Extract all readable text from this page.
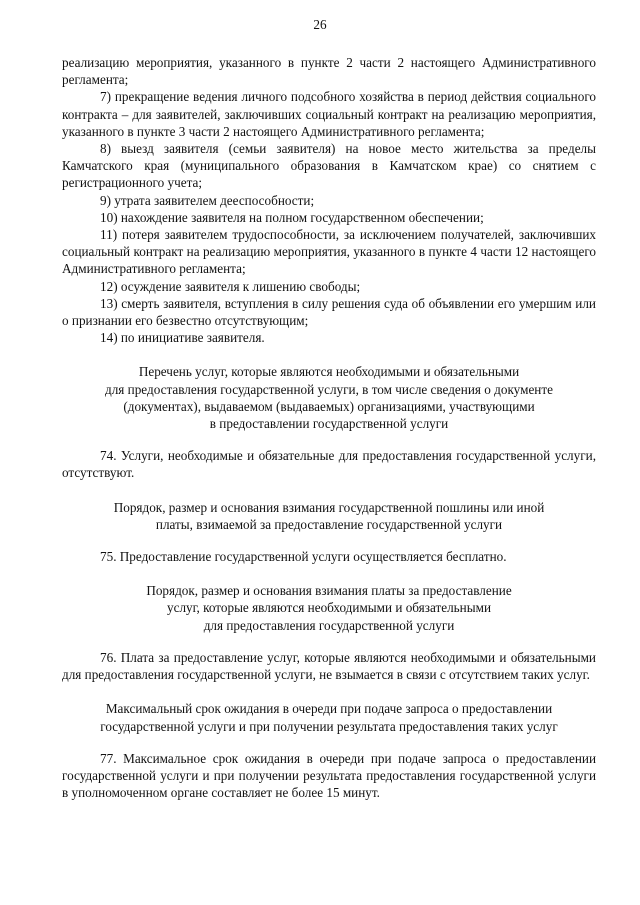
26

реализацию мероприятия, указанного в пункте 2 части 2 настоящего Административного регламента;

7) прекращение ведения личного подсобного хозяйства в период действия социального контракта – для заявителей, заключивших социальный контракт на реализацию мероприятия, указанного в пункте 3 части 2 настоящего Административного регламента;

8) выезд заявителя (семьи заявителя) на новое место жительства за пределы Камчатского края (муниципального образования в Камчатском крае) со снятием с регистрационного учета;

9) утрата заявителем дееспособности;

10) нахождение заявителя на полном государственном обеспечении;

11) потеря заявителем трудоспособности, за исключением получателей, заключивших социальный контракт на реализацию мероприятия, указанного в пункте 4 части 12 настоящего Административного регламента;

12) осуждение заявителя к лишению свободы;

13) смерть заявителя, вступления в силу решения суда об объявлении его умершим или о признании его безвестно отсутствующим;

14) по инициативе заявителя.

Перечень услуг, которые являются необходимыми и обязательными
для предоставления государственной услуги, в том числе сведения о документе
(документах), выдаваемом (выдаваемых) организациями, участвующими
в предоставлении государственной услуги

74. Услуги, необходимые и обязательные для предоставления государственной услуги, отсутствуют.

Порядок, размер и основания взимания государственной пошлины или иной
платы, взимаемой за предоставление государственной услуги

75. Предоставление государственной услуги осуществляется бесплатно.

Порядок, размер и основания взимания платы за предоставление
услуг, которые являются необходимыми и обязательными
для предоставления государственной услуги

76. Плата за предоставление услуг, которые являются необходимыми и обязательными для предоставления государственной услуги, не взымается в связи с отсутствием таких услуг.

Максимальный срок ожидания в очереди при подаче запроса о предоставлении
государственной услуги и при получении результата предоставления таких услуг

77. Максимальное срок ожидания в очереди при подаче запроса о предоставлении государственной услуги и при получении результата предоставления государственной услуги в уполномоченном органе составляет не более 15 минут.
